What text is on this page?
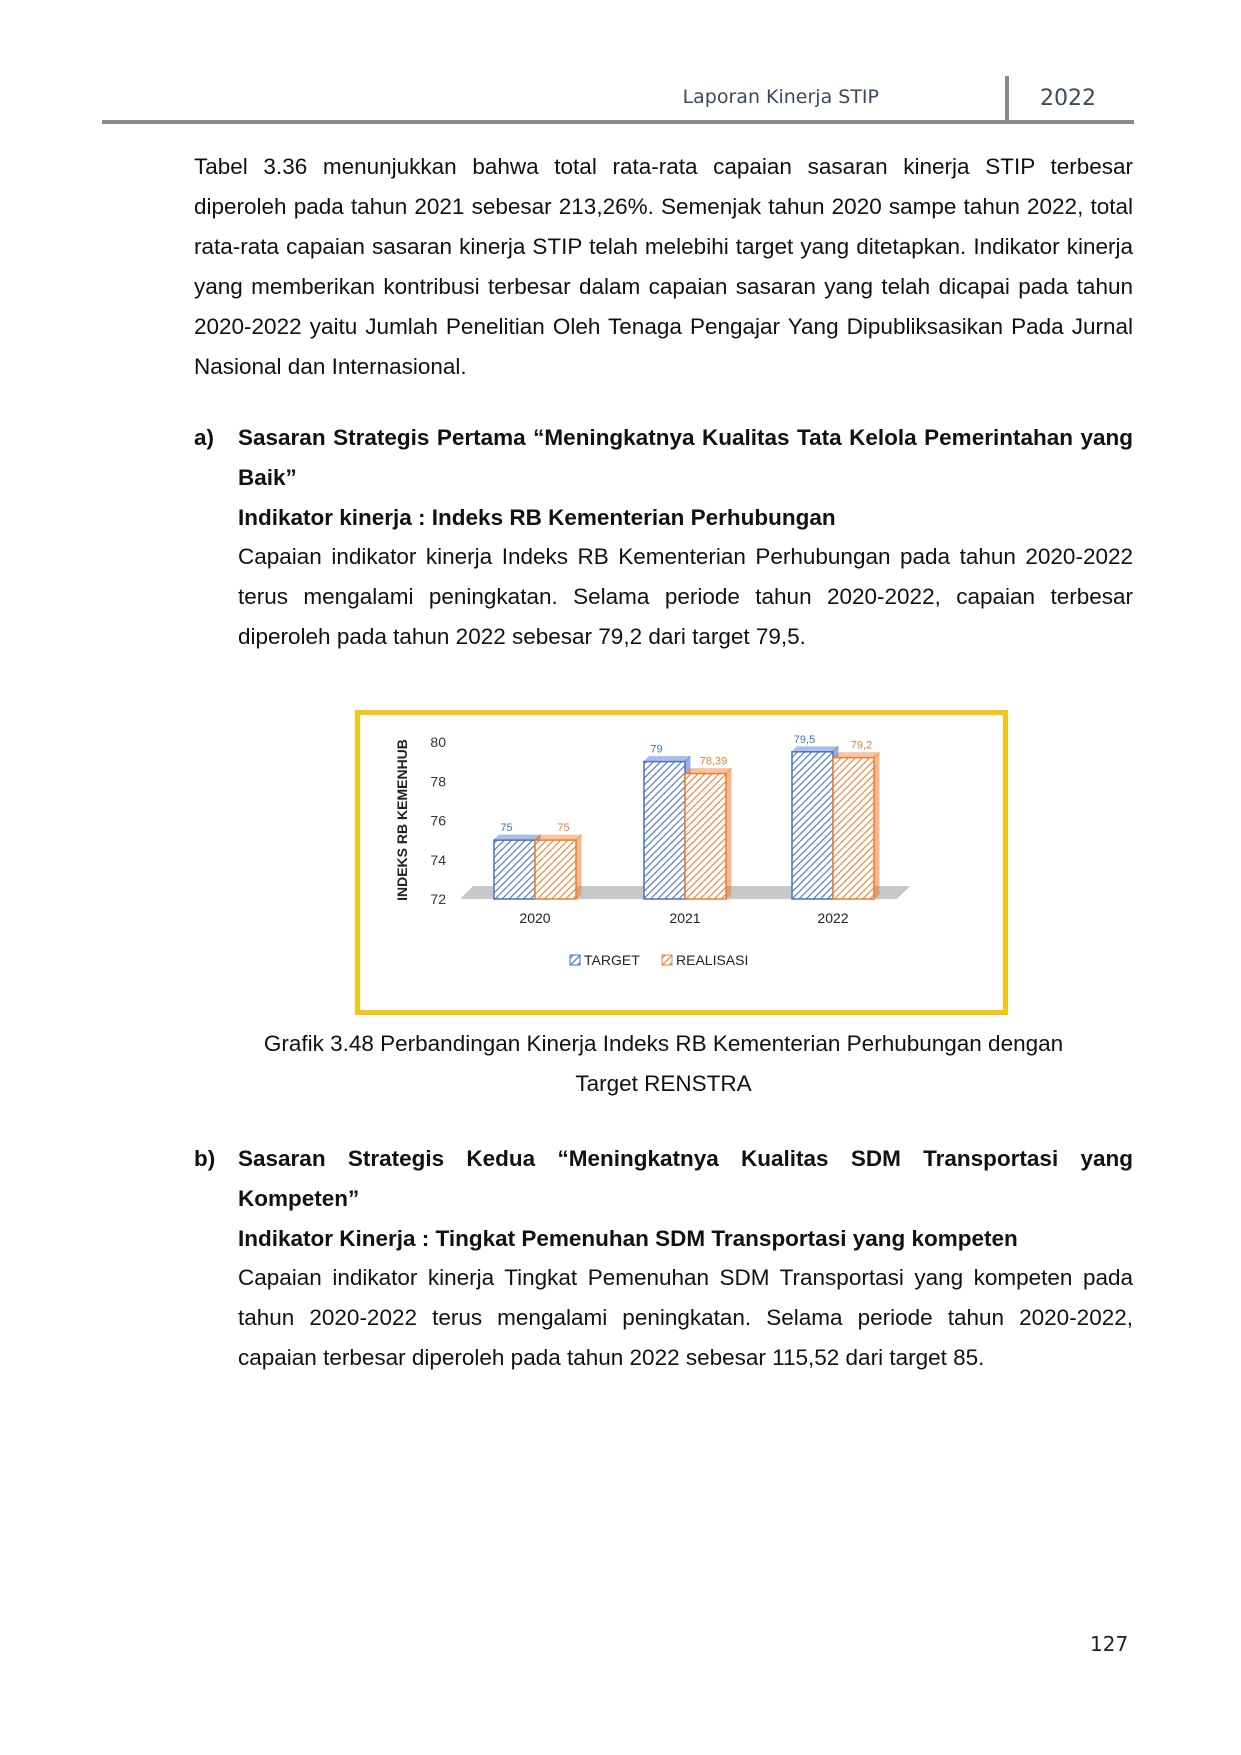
Laporan Kinerja STIP	2022
Tabel 3.36 menunjukkan bahwa total rata-rata capaian sasaran kinerja STIP terbesar diperoleh pada tahun 2021 sebesar 213,26%. Semenjak tahun 2020 sampe tahun 2022, total rata-rata capaian sasaran kinerja STIP telah melebihi target yang ditetapkan. Indikator kinerja yang memberikan kontribusi terbesar dalam capaian sasaran yang telah dicapai pada tahun 2020-2022 yaitu Jumlah Penelitian Oleh Tenaga Pengajar Yang Dipubliksasikan Pada Jurnal Nasional dan Internasional.
a) Sasaran Strategis Pertama “Meningkatnya Kualitas Tata Kelola Pemerintahan yang Baik”
Indikator kinerja : Indeks RB Kementerian Perhubungan
Capaian indikator kinerja Indeks RB Kementerian Perhubungan pada tahun 2020-2022 terus mengalami peningkatan. Selama periode tahun 2020-2022, capaian terbesar diperoleh pada tahun 2022 sebesar 79,2 dari target 79,5.
INDEKS RB KEMENHUB 72
74
76
78
80
75	75
2020
79
78,39
2021
79,5	79,2
2022
TARGET	REALISASI
Grafik 3.48 Perbandingan Kinerja Indeks RB Kementerian Perhubungan dengan
Target RENSTRA
b) Sasaran Strategis Kedua “Meningkatnya Kualitas SDM Transportasi yang Kompeten”
Indikator Kinerja : Tingkat Pemenuhan SDM Transportasi yang kompeten
Capaian indikator kinerja Tingkat Pemenuhan SDM Transportasi yang kompeten pada tahun 2020-2022 terus mengalami peningkatan. Selama periode tahun 2020-2022, capaian terbesar diperoleh pada tahun 2022 sebesar 115,52 dari target 85.
127
